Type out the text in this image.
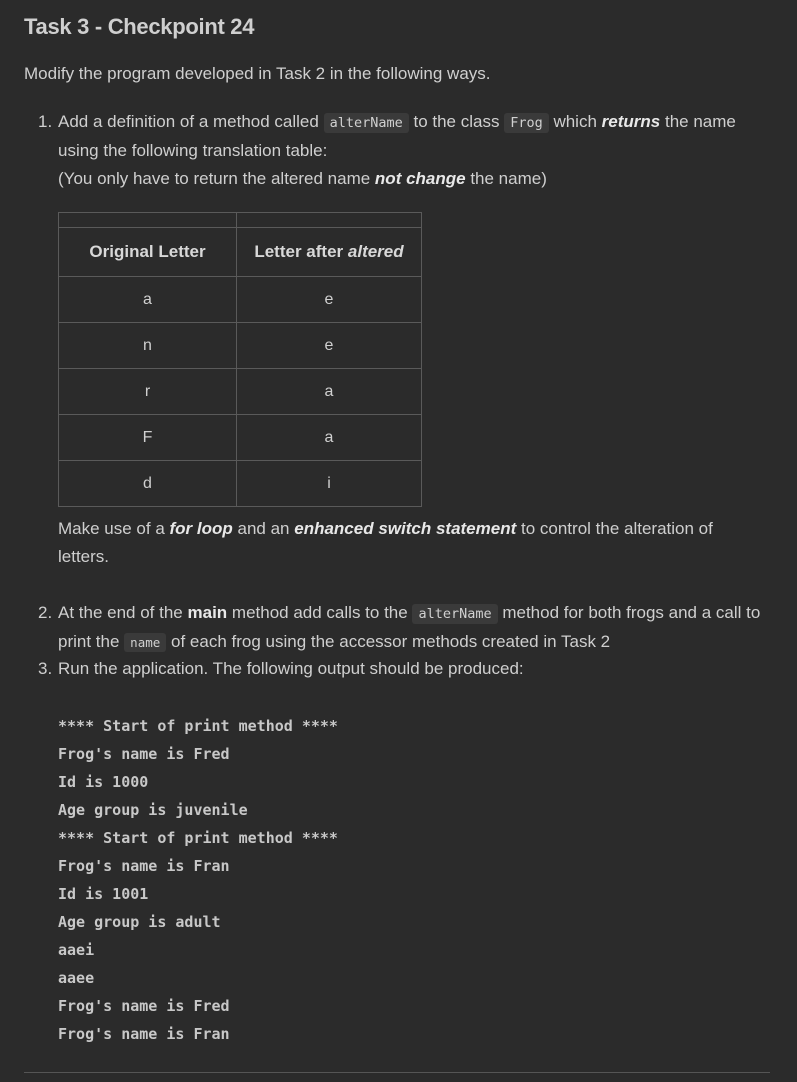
Task 3 - Checkpoint 24

Modify the program developed in Task 2 in the following ways.

1. Add a definition of a method called alterName to the class Frog which returns the name using the following translation table:
(You only have to return the altered name not change the name)

Original Letter	Letter after altered
a	e
n	e
r	a
F	a
d	i

Make use of a for loop and an enhanced switch statement to control the alteration of letters.

2. At the end of the main method add calls to the alterName method for both frogs and a call to print the name of each frog using the accessor methods created in Task 2
3. Run the application. The following output should be produced:
**** Start of print method ****
Frog's name is Fred
Id is 1000
Age group is juvenile
**** Start of print method ****
Frog's name is Fran
Id is 1001
Age group is adult
aaei
aaee
Frog's name is Fred
Frog's name is Fran
